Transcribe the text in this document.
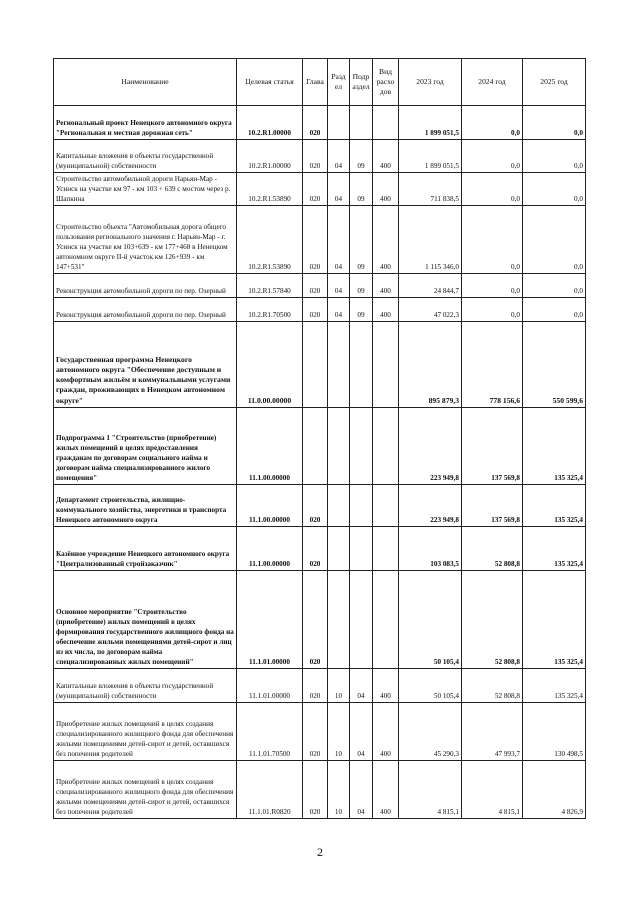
Наименование	Целевая статья	Глава	Разд ел	Подр аздел	Вид расхо дов	2023 год	2024 год	2025 год
Региональный проект Ненецкого автономного округа "Региональная и местная дорожная сеть"	10.2.R1.00000	020				1 899 051,5	0,0	0,0
Капитальные вложения в объекты государственной (муниципальной) собственности	10.2.R1.00000	020	04	09	400	1 899 051,5	0,0	0,0
Строительство автомобильной дороги Нарьян-Мар - Усинск на участке км 97 - км 103 + 639 с мостом через р. Шапкина	10.2.R1.53890	020	04	09	400	711 838,5	0,0	0,0
Строительство объекта "Автомобильная дорога общего пользования регионального значения г. Нарьян-Мар - г. Усинск на участке км 103+639 - км 177+468 в Ненецком автономном округе II-й участок км 126+939 - км 147+531"	10.2.R1.53890	020	04	09	400	1 115 346,0	0,0	0,0
Реконструкция автомобильной дороги по пер. Озерный	10.2.R1.57840	020	04	09	400	24 844,7	0,0	0,0
Реконструкция автомобильной дороги по пер. Озерный	10.2.R1.70500	020	04	09	400	47 022,3	0,0	0,0
Государственная программа Ненецкого автономного округа "Обеспечение доступным и комфортным жильём и коммунальными услугами граждан, проживающих в Ненецком автономном округе"	11.0.00.00000					895 879,3	778 156,6	550 599,6
Подпрограмма 1 "Строительство (приобретение) жилых помещений в целях предоставления гражданам по договорам социального найма и договорам найма специализированного жилого помещения"	11.1.00.00000					223 949,8	137 569,8	135 325,4
Департамент строительства, жилищно-коммунального хозяйства, энергетики и транспорта Ненецкого автономного округа	11.1.00.00000	020				223 949,8	137 569,8	135 325,4
Казённое учреждение Ненецкого автономного округа "Централизованный стройзаказчик"	11.1.00.00000	020				103 083,5	52 808,8	135 325,4
Основное мероприятие "Строительство (приобретение) жилых помещений в целях формирования государственного жилищного фонда на обеспечение жильми помещениями детей-сирот и лиц из их числа, по договорам найма специализированных жилых помещений"	11.1.01.00000	020				50 105,4	52 808,8	135 325,4
Капитальные вложения в объекты государственной (муниципальной) собственности	11.1.01.00000	020	10	04	400	50 105,4	52 808,8	135 325,4
Приобретение жилых помещений в целях создания специализированного жилищного фонда для обеспечения жилыми помещениями детей-сирот и детей, оставшихся без попечения родителей	11.1.01.70500	020	10	04	400	45 290,3	47 993,7	130 498,5
Приобретение жилых помещений в целях создания специализированного жилищного фонда для обеспечения жилыми помещениями детей-сирот и детей, оставшихся без попечения родителей	11.1.01.R0820	020	10	04	400	4 815,1	4 815,1	4 826,9
2
